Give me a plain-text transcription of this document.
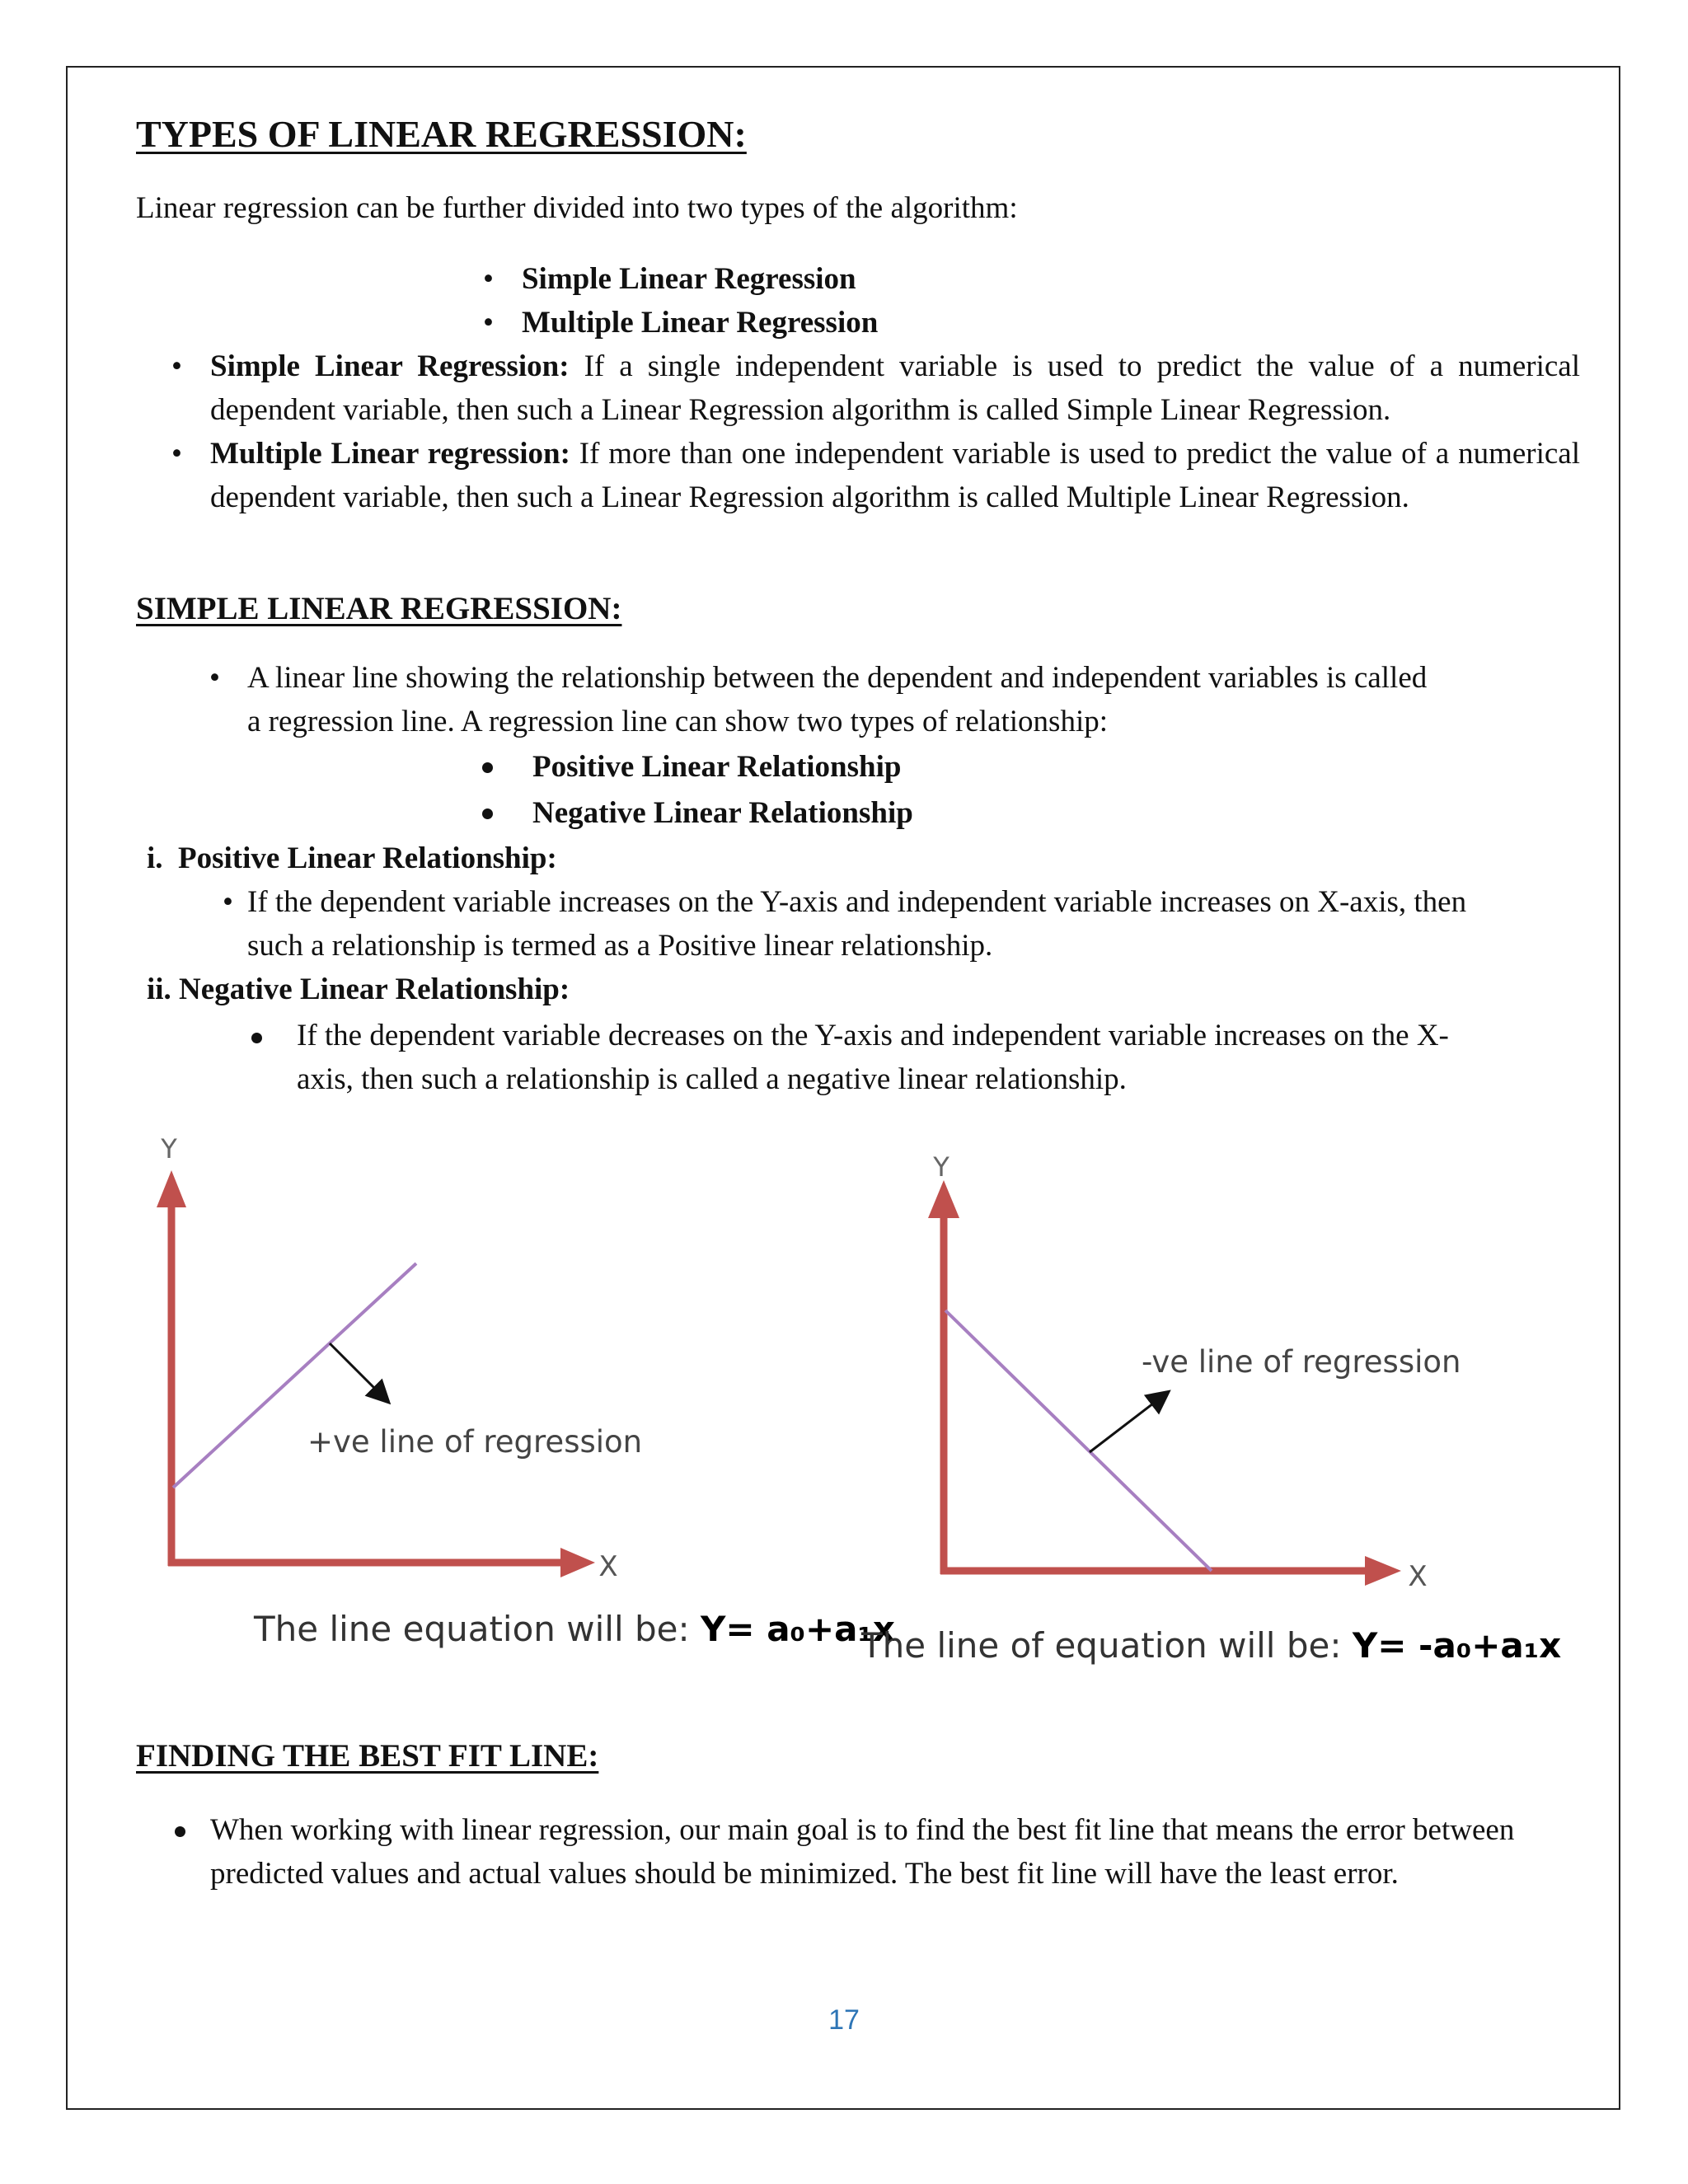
TYPES OF LINEAR REGRESSION:
Linear regression can be further divided into two types of the algorithm:
• Simple Linear Regression
• Multiple Linear Regression
• Simple Linear Regression: If a single independent variable is used to predict the value of a numerical dependent variable, then such a Linear Regression algorithm is called Simple Linear Regression.
• Multiple Linear regression: If more than one independent variable is used to predict the value of a numerical dependent variable, then such a Linear Regression algorithm is called Multiple Linear Regression.
SIMPLE LINEAR REGRESSION:
• A linear line showing the relationship between the dependent and independent variables is called
a regression line. A regression line can show two types of relationship:
Positive Linear Relationship
Negative Linear Relationship
i.  Positive Linear Relationship:
• If the dependent variable increases on the Y-axis and independent variable increases on X-axis, then
such a relationship is termed as a Positive linear relationship.
ii. Negative Linear Relationship:
If the dependent variable decreases on the Y-axis and independent variable increases on the X-
axis, then such a relationship is called a negative linear relationship.
Y
X
+ve line of regression
Y
X
-ve line of regression
The line equation will be: Y= a₀+a₁x
The line of equation will be: Y= -a₀+a₁x
FINDING THE BEST FIT LINE:
When working with linear regression, our main goal is to find the best fit line that means the error between predicted values and actual values should be minimized. The best fit line will have the least error.
17
